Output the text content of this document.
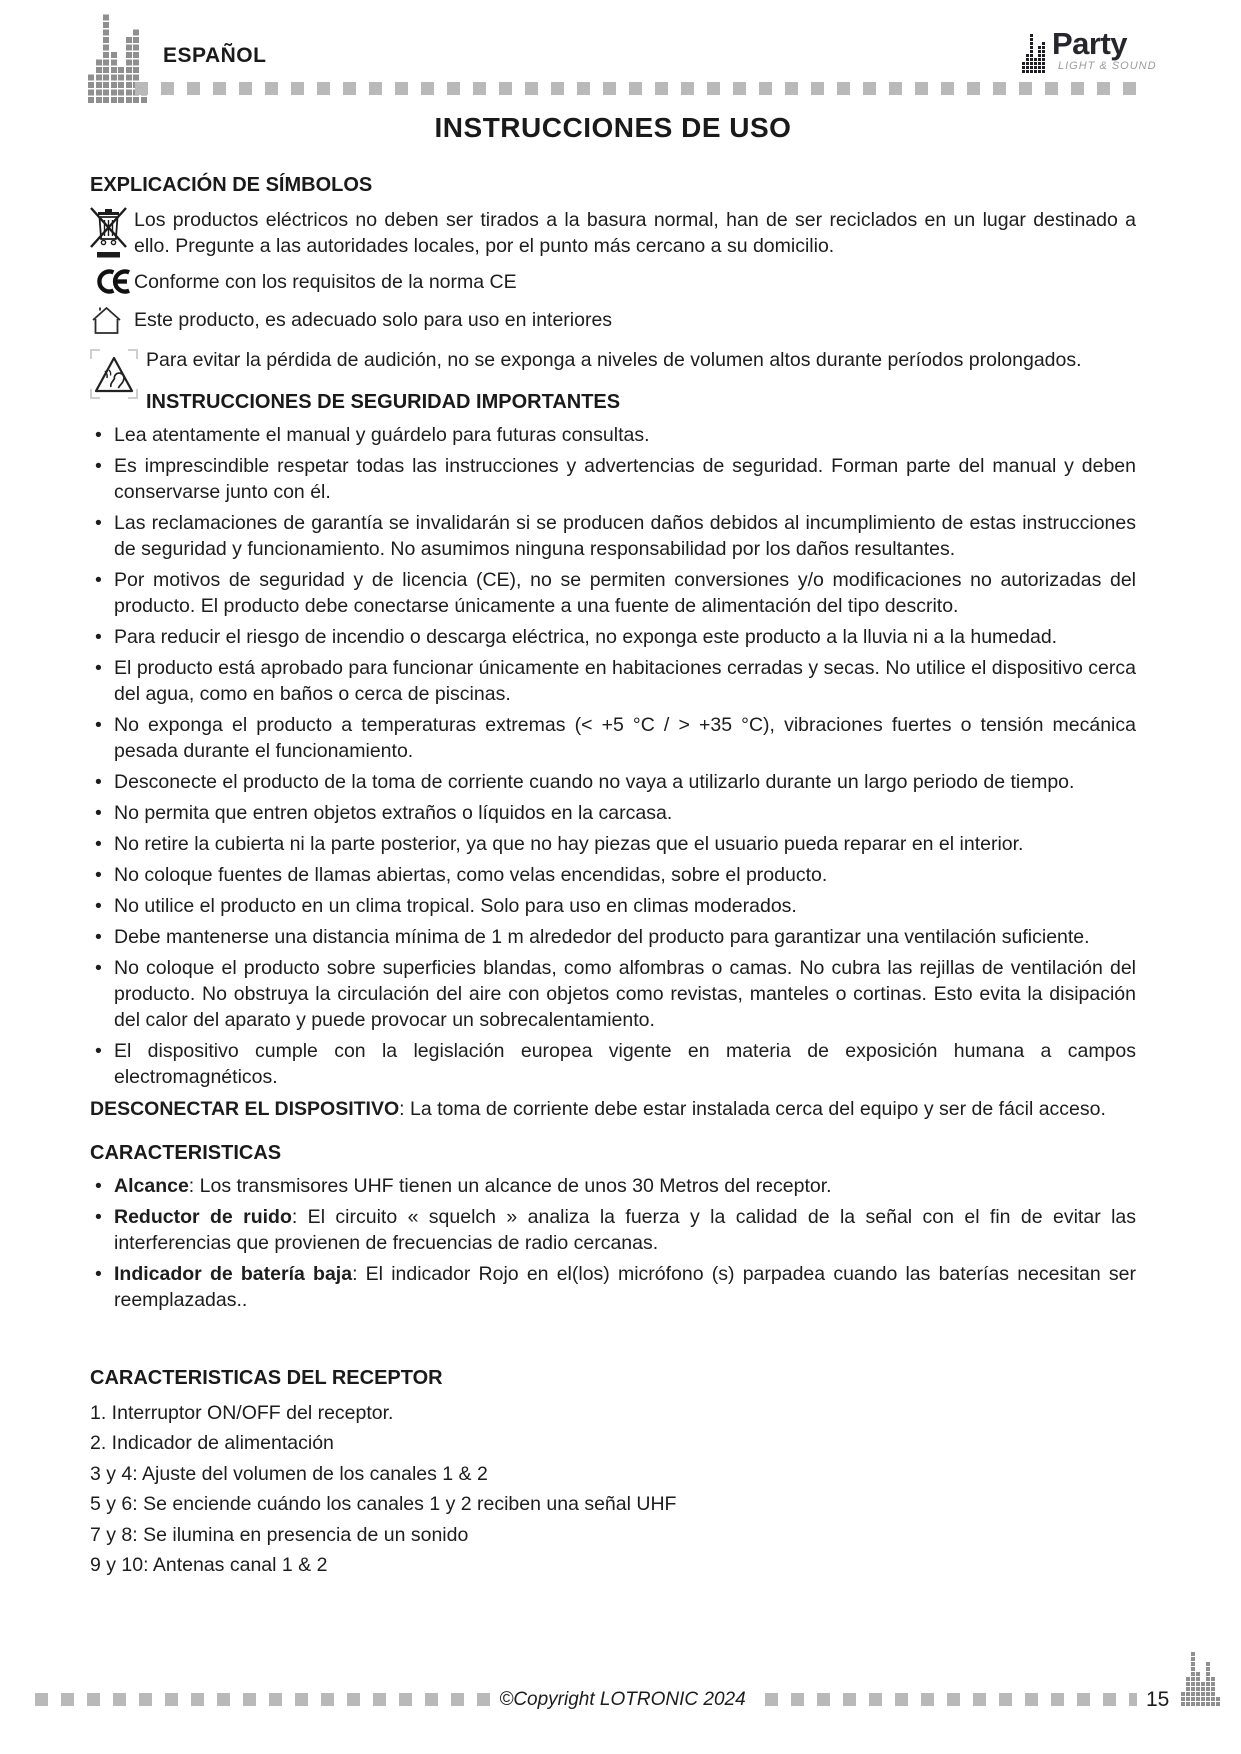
ESPAÑOL	Party
LIGHT & SOUND
INSTRUCCIONES DE USO
EXPLICACIÓN DE SÍMBOLOS
Los productos eléctricos no deben ser tirados a la basura normal, han de ser reciclados en un lugar destinado a ello. Pregunte a las autoridades locales, por el punto más cercano a su domicilio.
Conforme con los requisitos de la norma CE
Este producto, es adecuado solo para uso en interiores
Para evitar la pérdida de audición, no se exponga a niveles de volumen altos durante períodos prolongados.
INSTRUCCIONES DE SEGURIDAD IMPORTANTES
• Lea atentamente el manual y guárdelo para futuras consultas.
• Es imprescindible respetar todas las instrucciones y advertencias de seguridad. Forman parte del manual y deben conservarse junto con él.
• Las reclamaciones de garantía se invalidarán si se producen daños debidos al incumplimiento de estas instrucciones de seguridad y funcionamiento. No asumimos ninguna responsabilidad por los daños resultantes.
• Por motivos de seguridad y de licencia (CE), no se permiten conversiones y/o modificaciones no autorizadas del producto. El producto debe conectarse únicamente a una fuente de alimentación del tipo descrito.
• Para reducir el riesgo de incendio o descarga eléctrica, no exponga este producto a la lluvia ni a la humedad.
• El producto está aprobado para funcionar únicamente en habitaciones cerradas y secas. No utilice el dispositivo cerca del agua, como en baños o cerca de piscinas.
• No exponga el producto a temperaturas extremas (< +5 °C / > +35 °C), vibraciones fuertes o tensión mecánica pesada durante el funcionamiento.
• Desconecte el producto de la toma de corriente cuando no vaya a utilizarlo durante un largo periodo de tiempo.
• No permita que entren objetos extraños o líquidos en la carcasa.
• No retire la cubierta ni la parte posterior, ya que no hay piezas que el usuario pueda reparar en el interior.
• No coloque fuentes de llamas abiertas, como velas encendidas, sobre el producto.
• No utilice el producto en un clima tropical. Solo para uso en climas moderados.
• Debe mantenerse una distancia mínima de 1 m alrededor del producto para garantizar una ventilación suficiente.
• No coloque el producto sobre superficies blandas, como alfombras o camas. No cubra las rejillas de ventilación del producto. No obstruya la circulación del aire con objetos como revistas, manteles o cortinas. Esto evita la disipación del calor del aparato y puede provocar un sobrecalentamiento.
• El dispositivo cumple con la legislación europea vigente en materia de exposición humana a campos electromagnéticos.

DESCONECTAR EL DISPOSITIVO: La toma de corriente debe estar instalada cerca del equipo y ser de fácil acceso.

CARACTERISTICAS
• Alcance: Los transmisores UHF tienen un alcance de unos 30 Metros del receptor.
• Reductor de ruido: El circuito « squelch » analiza la fuerza y la calidad de la señal con el fin de evitar las interferencias que provienen de frecuencias de radio cercanas.
• Indicador de batería baja: El indicador Rojo en el(los) micrófono (s) parpadea cuando las baterías necesitan ser reemplazadas..
CARACTERISTICAS DEL RECEPTOR
1. Interruptor ON/OFF del receptor.
2. Indicador de alimentación
3 y 4: Ajuste del volumen de los canales 1 & 2
5 y 6: Se enciende cuándo los canales 1 y 2 reciben una señal UHF
7 y 8: Se ilumina en presencia de un sonido
9 y 10: Antenas canal 1 & 2
©Copyright LOTRONIC 2024	15
